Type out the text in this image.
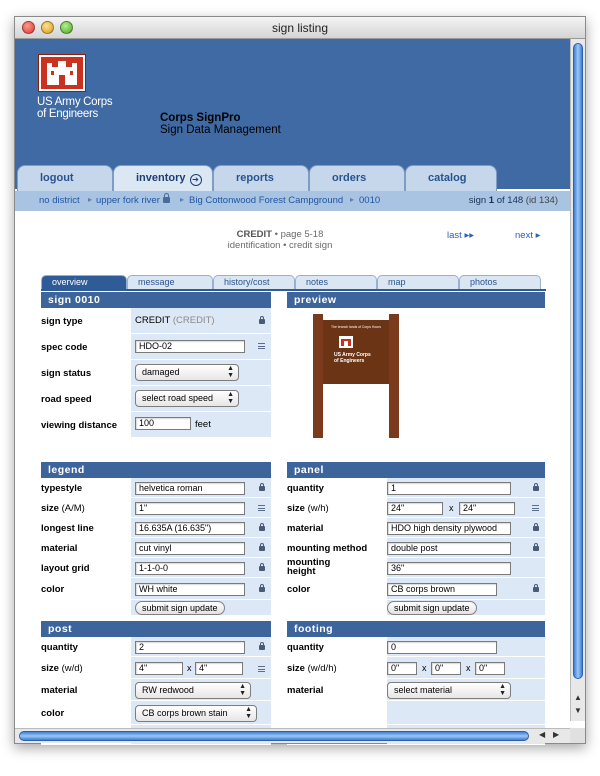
sign listing
US Army Corps
of Engineers	Corps SignPro
Sign Data Management
logout	inventory ➔	reports	orders	catalog
no district ▸ upper fork river	▸ Big Cottonwood Forest Campground ▸ 0010	sign 1 of 148 (id 134)
CREDIT • page 5-18
identification • credit sign
last ▸▸	next ▸
overview	message	history/cost	notes	map	photos
sign 0010
sign type	CREDIT (CREDIT)
spec code	HDO-02
sign status	damaged	▲
▼
road speed	select road speed ▲
▼
viewing distance	100	feet
preview
The branch lands of Corps Hours
US Army Corps
of Engineers
legend
typestyle	helvetica roman
size (A/M)	1"
longest line	16.635A (16.635")
material	cut vinyl
layout grid	1-1-0-0
color	WH white
submit sign update
panel
quantity	1
size (w/h)	24"	x	24"
material	HDO high density plywood
mounting method	double post
mounting
height	36"
color	CB corps brown
submit sign update
post
quantity	2
size (w/d)	4"	x 4"
material	RW redwood	▲
▼
color	CB corps brown stain	▲
▼
footing
quantity	0
size (w/d/h)	0"	x 0"	x 0"
material	select material	▲
▼	▲
▼
◀ ▶
